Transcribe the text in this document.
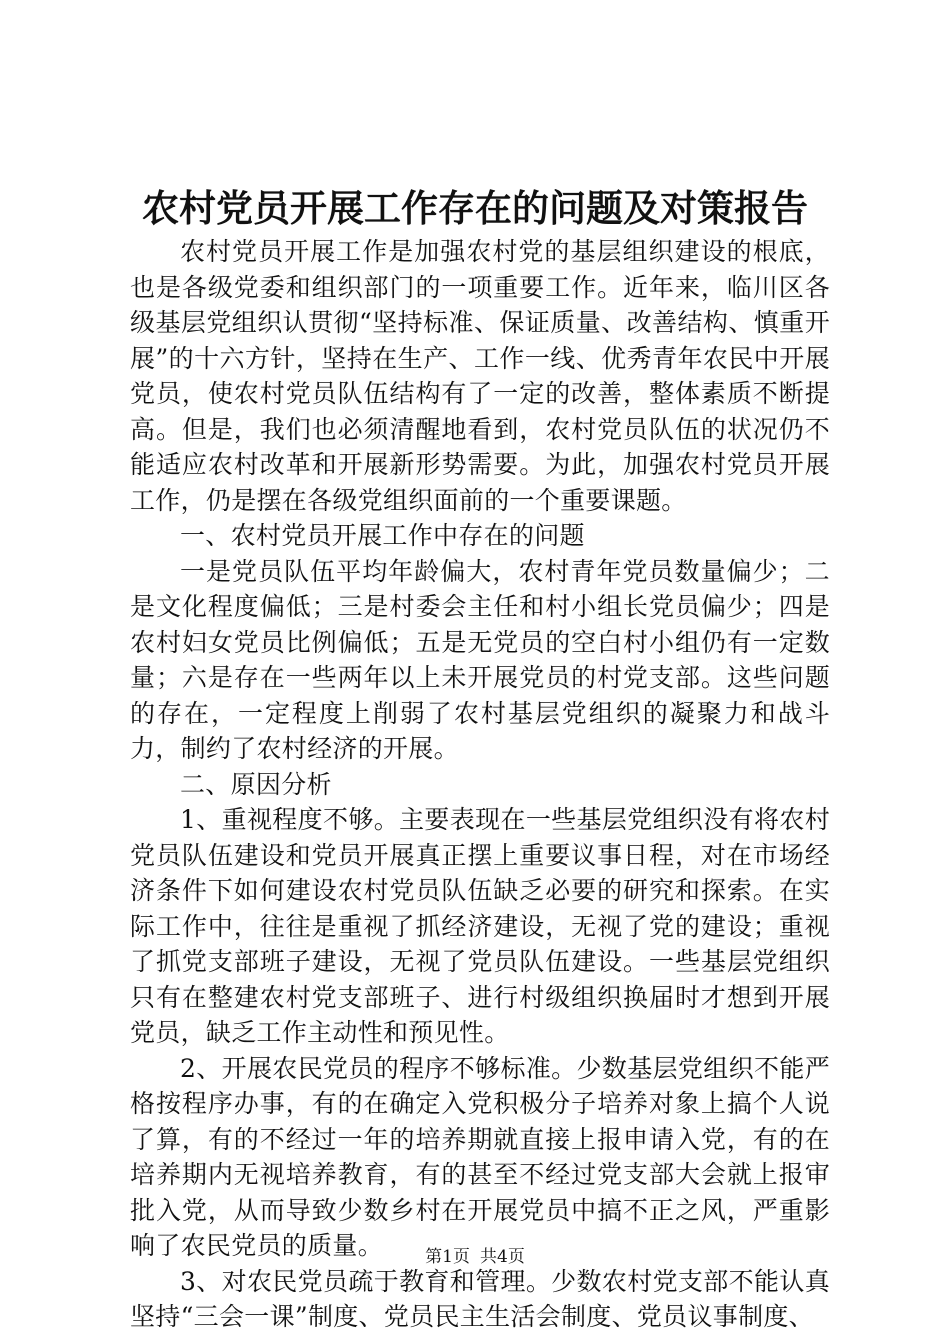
农村党员开展工作存在的问题及对策报告

农村党员开展工作是加强农村党的基层组织建设的根底，也是各级党委和组织部门的一项重要工作。近年来，临川区各级基层党组织认贯彻“坚持标准、保证质量、改善结构、慎重开展”的十六方针，坚持在生产、工作一线、优秀青年农民中开展党员，使农村党员队伍结构有了一定的改善，整体素质不断提高。但是，我们也必须清醒地看到，农村党员队伍的状况仍不能适应农村改革和开展新形势需要。为此，加强农村党员开展工作，仍是摆在各级党组织面前的一个重要课题。

一、农村党员开展工作中存在的问题

一是党员队伍平均年龄偏大，农村青年党员数量偏少；二是文化程度偏低；三是村委会主任和村小组长党员偏少；四是农村妇女党员比例偏低；五是无党员的空白村小组仍有一定数量；六是存在一些两年以上未开展党员的村党支部。这些问题的存在，一定程度上削弱了农村基层党组织的凝聚力和战斗力，制约了农村经济的开展。

二、原因分析

1、重视程度不够。主要表现在一些基层党组织没有将农村党员队伍建设和党员开展真正摆上重要议事日程，对在市场经济条件下如何建设农村党员队伍缺乏必要的研究和探索。在实际工作中，往往是重视了抓经济建设，无视了党的建设；重视了抓党支部班子建设，无视了党员队伍建设。一些基层党组织只有在整建农村党支部班子、进行村级组织换届时才想到开展党员，缺乏工作主动性和预见性。

2、开展农民党员的程序不够标准。少数基层党组织不能严格按程序办事，有的在确定入党积极分子培养对象上搞个人说了算，有的不经过一年的培养期就直接上报申请入党，有的在培养期内无视培养教育，有的甚至不经过党支部大会就上报审批入党，从而导致少数乡村在开展党员中搞不正之风，严重影响了农民党员的质量。

3、对农民党员疏于教育和管理。少数农村党支部不能认真坚持“三会一课”制度、党员民主生活会制度、党员议事制度、

第1页 共4页
